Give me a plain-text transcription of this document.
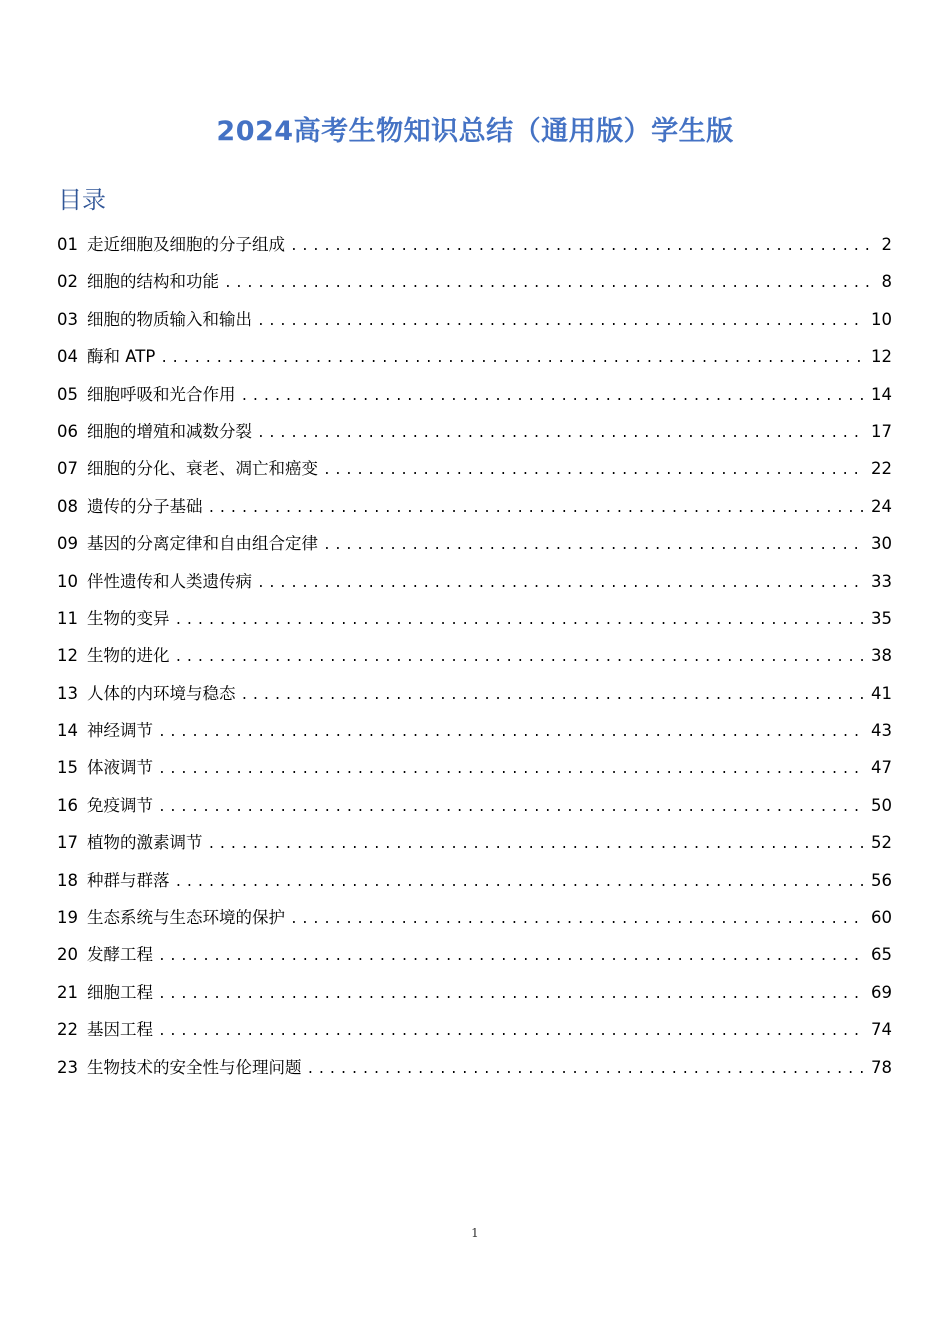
2024高考生物知识总结（通用版）学生版
目录
01 走近细胞及细胞的分子组成 .....	2
02 细胞的结构和功能 .....	8
03 细胞的物质输入和输出 .....	10
04 酶和 ATP .....	12
05 细胞呼吸和光合作用 .....	14
06 细胞的增殖和减数分裂 .....	17
07 细胞的分化、衰老、凋亡和癌变 .....	22
08 遗传的分子基础 .....	24
09 基因的分离定律和自由组合定律 .....	30
10 伴性遗传和人类遗传病 .....	33
11 生物的变异 .....	35
12 生物的进化 .....	38
13 人体的内环境与稳态 .....	41
14 神经调节 .....	43
15 体液调节 .....	47
16 免疫调节 .....	50
17 植物的激素调节 .....	52
18 种群与群落 .....	56
19 生态系统与生态环境的保护 .....	60
20 发酵工程 .....	65
21 细胞工程 .....	69
22 基因工程 .....	74
23 生物技术的安全性与伦理问题 .....	78
1
